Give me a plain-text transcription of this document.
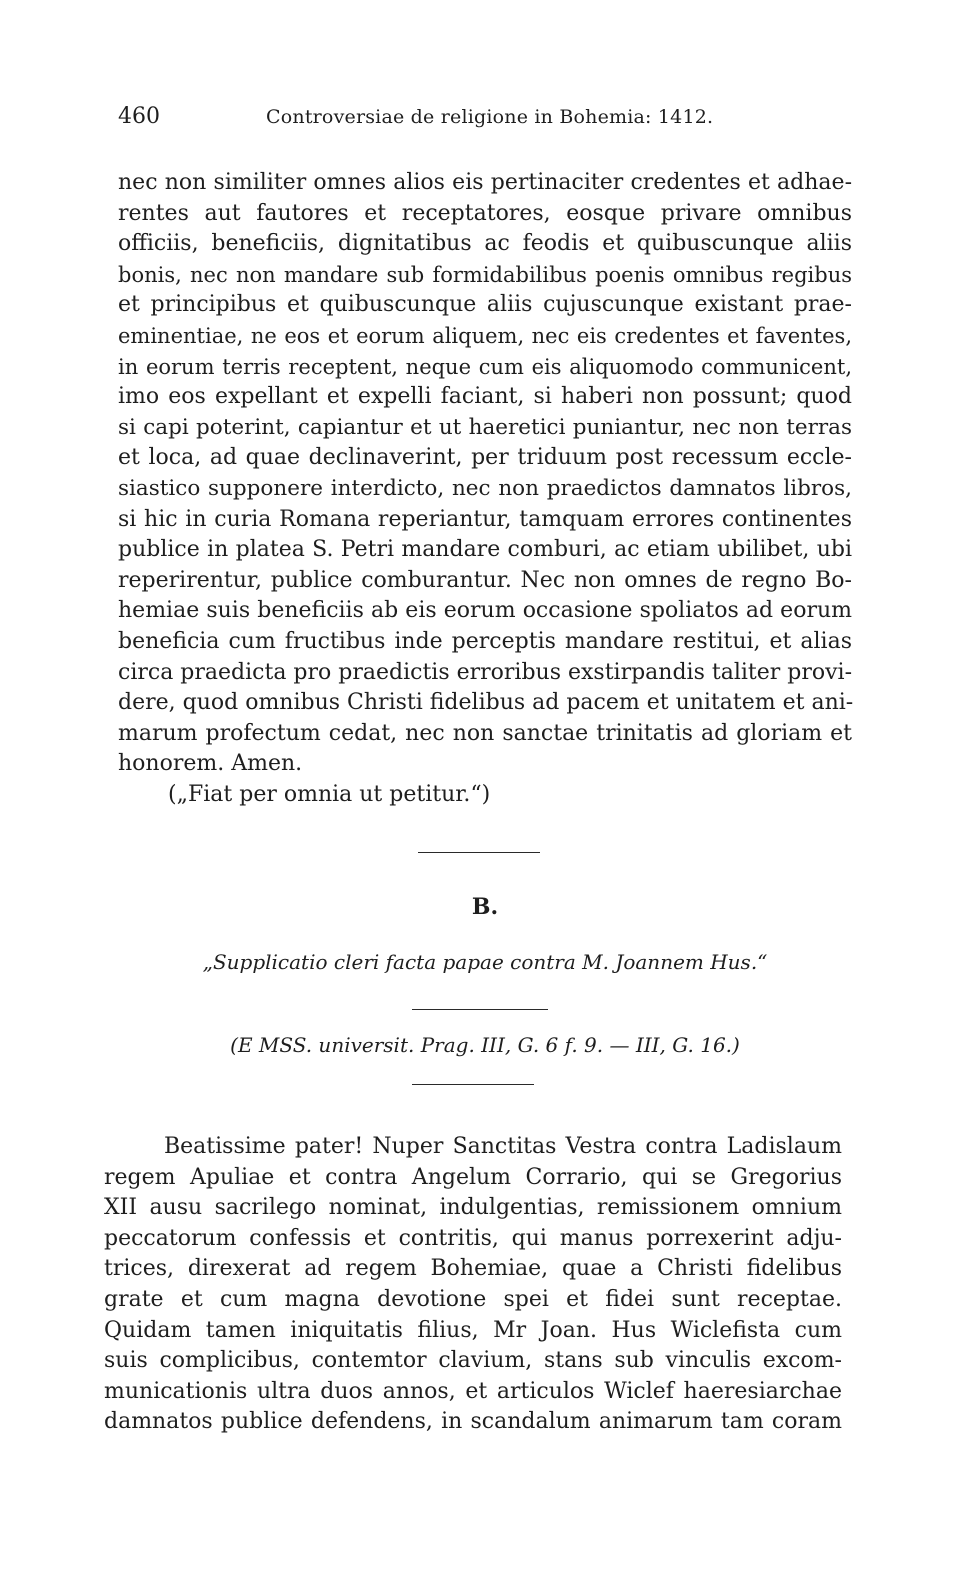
460	Controversiae de religione in Bohemia: 1412.
nec non similiter omnes alios eis pertinaciter credentes et adhae-
rentes aut fautores et receptatores, eosque privare omnibus
officiis, beneficiis, dignitatibus ac feodis et quibuscunque aliis
bonis, nec non mandare sub formidabilibus poenis omnibus regibus
et principibus et quibuscunque aliis cujuscunque existant prae-
eminentiae, ne eos et eorum aliquem, nec eis credentes et faventes,
in eorum terris receptent, neque cum eis aliquomodo communicent,
imo eos expellant et expelli faciant, si haberi non possunt; quod
si capi poterint, capiantur et ut haeretici puniantur, nec non terras
et loca, ad quae declinaverint, per triduum post recessum eccle-
siastico supponere interdicto, nec non praedictos damnatos libros,
si hic in curia Romana reperiantur, tamquam errores continentes
publice in platea S. Petri mandare comburi, ac etiam ubilibet, ubi
reperirentur, publice comburantur. Nec non omnes de regno Bo-
hemiae suis beneficiis ab eis eorum occasione spoliatos ad eorum
beneficia cum fructibus inde perceptis mandare restitui, et alias
circa praedicta pro praedictis erroribus exstirpandis taliter provi-
dere, quod omnibus Christi fidelibus ad pacem et unitatem et ani-
marum profectum cedat, nec non sanctae trinitatis ad gloriam et
honorem. Amen.
(„Fiat per omnia ut petitur.“)
B.
„Supplicatio cleri facta papae contra M. Joannem Hus.“
(E MSS. universit. Prag. III, G. 6 f. 9. — III, G. 16.)
Beatissime pater! Nuper Sanctitas Vestra contra Ladislaum
regem Apuliae et contra Angelum Corrario, qui se Gregorius
XII ausu sacrilego nominat, indulgentias, remissionem omnium
peccatorum confessis et contritis, qui manus porrexerint adju-
trices, direxerat ad regem Bohemiae, quae a Christi fidelibus
grate et cum magna devotione spei et fidei sunt receptae.
Quidam tamen iniquitatis filius, Mr Joan. Hus Wiclefista cum
suis complicibus, contemtor clavium, stans sub vinculis excom-
municationis ultra duos annos, et articulos Wiclef haeresiarchae
damnatos publice defendens, in scandalum animarum tam coram
